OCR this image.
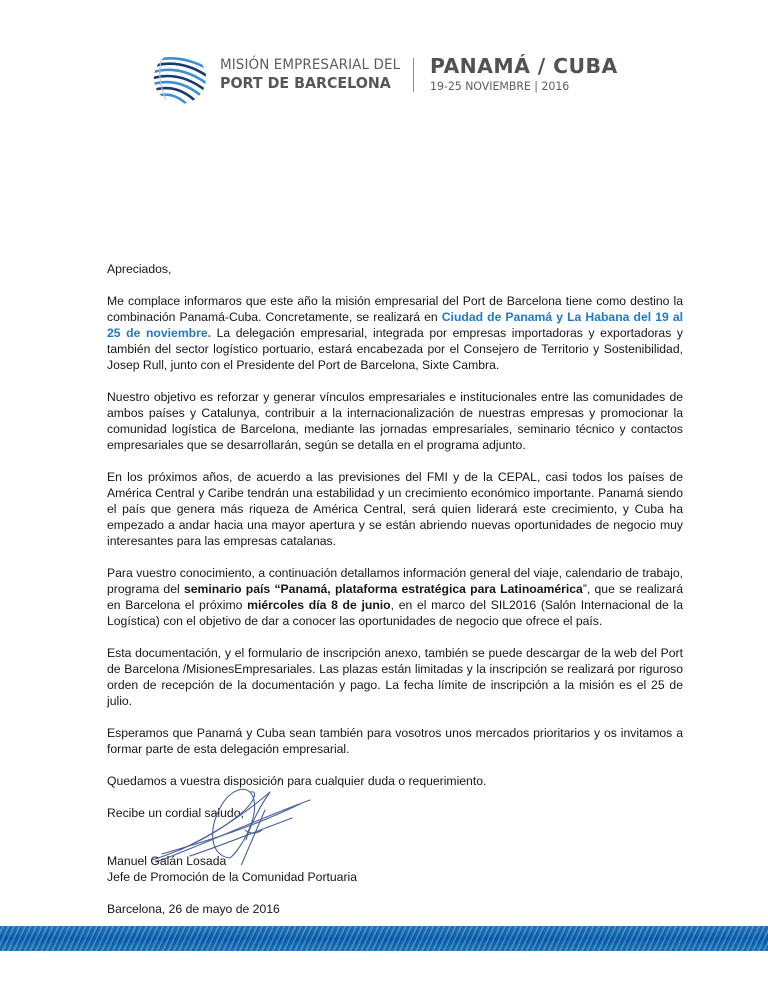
MISIÓN EMPRESARIAL DEL
PORT DE BARCELONA
PANAMÁ / CUBA
19-25 NOVIEMBRE | 2016

Apreciados,

Me complace informaros que este año la misión empresarial del Port de Barcelona tiene como destino la combinación Panamá-Cuba. Concretamente, se realizará en Ciudad de Panamá y La Habana del 19 al 25 de noviembre. La delegación empresarial, integrada por empresas importadoras y exportadoras y también del sector logístico portuario, estará encabezada por el Consejero de Territorio y Sostenibilidad, Josep Rull, junto con el Presidente del Port de Barcelona, Sixte Cambra.

Nuestro objetivo es reforzar y generar vínculos empresariales e institucionales entre las comunidades de ambos países y Catalunya, contribuir a la internacionalización de nuestras empresas y promocionar la comunidad logística de Barcelona, mediante las jornadas empresariales, seminario técnico y contactos empresariales que se desarrollarán, según se detalla en el programa adjunto.

En los próximos años, de acuerdo a las previsiones del FMI y de la CEPAL, casi todos los países de América Central y Caribe tendrán una estabilidad y un crecimiento económico importante. Panamá siendo el país que genera más riqueza de América Central, será quien liderará este crecimiento, y Cuba ha empezado a andar hacia una mayor apertura y se están abriendo nuevas oportunidades de negocio muy interesantes para las empresas catalanas.

Para vuestro conocimiento, a continuación detallamos información general del viaje, calendario de trabajo, programa del seminario país “Panamá, plataforma estratégica para Latinoamérica”, que se realizará en Barcelona el próximo miércoles día 8 de junio, en el marco del SIL2016 (Salón Internacional de la Logística) con el objetivo de dar a conocer las oportunidades de negocio que ofrece el país.

Esta documentación, y el formulario de inscripción anexo, también se puede descargar de la web del Port de Barcelona /MisionesEmpresariales. Las plazas están limitadas y la inscripción se realizará por riguroso orden de recepción de la documentación y pago. La fecha límite de inscripción a la misión es el 25 de julio.

Esperamos que Panamá y Cuba sean también para vosotros unos mercados prioritarios y os invitamos a formar parte de esta delegación empresarial.

Quedamos a vuestra disposición para cualquier duda o requerimiento.

Recibe un cordial saludo,

Manuel Galán Losada
Jefe de Promoción de la Comunidad Portuaria
Barcelona, 26 de mayo de 2016
